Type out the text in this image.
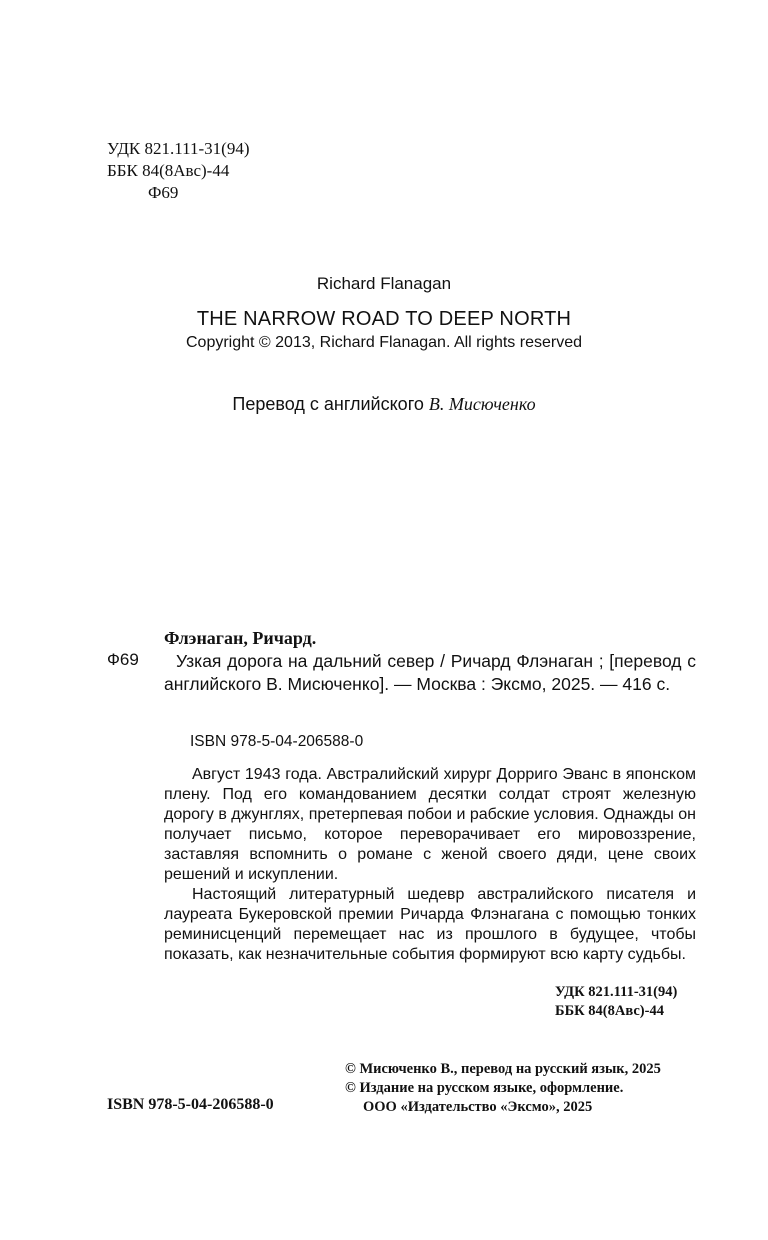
УДК 821.111-31(94)
ББК 84(8Авс)-44
Ф69
Richard Flanagan
THE NARROW ROAD TO DEEP NORTH
Copyright © 2013, Richard Flanagan. All rights reserved
Перевод с английского В. Мисюченко
Ф69
Флэнаган, Ричард.
Узкая дорога на дальний север / Ричард Флэнаган ; [перевод с английского В. Мисюченко]. — Москва : Эксмо, 2025. — 416 с.
ISBN 978-5-04-206588-0

Август 1943 года. Австралийский хирург Дорриго Эванс в японском плену. Под его командованием десятки солдат строят железную дорогу в джунглях, претерпевая побои и рабские условия. Однажды он получает письмо, которое переворачивает его мировоззрение, заставляя вспомнить о романе с женой своего дяди, цене своих решений и искуплении.

Настоящий литературный шедевр австралийского писателя и лауреата Букеровской премии Ричарда Флэнагана с помощью тонких реминисценций перемещает нас из прошлого в будущее, чтобы показать, как незначительные события формируют всю карту судьбы.

УДК 821.111-31(94)
ББК 84(8Авс)-44
© Мисюченко В., перевод на русский язык, 2025
© Издание на русском языке, оформление.
ООО «Издательство «Эксмо», 2025
ISBN 978-5-04-206588-0
